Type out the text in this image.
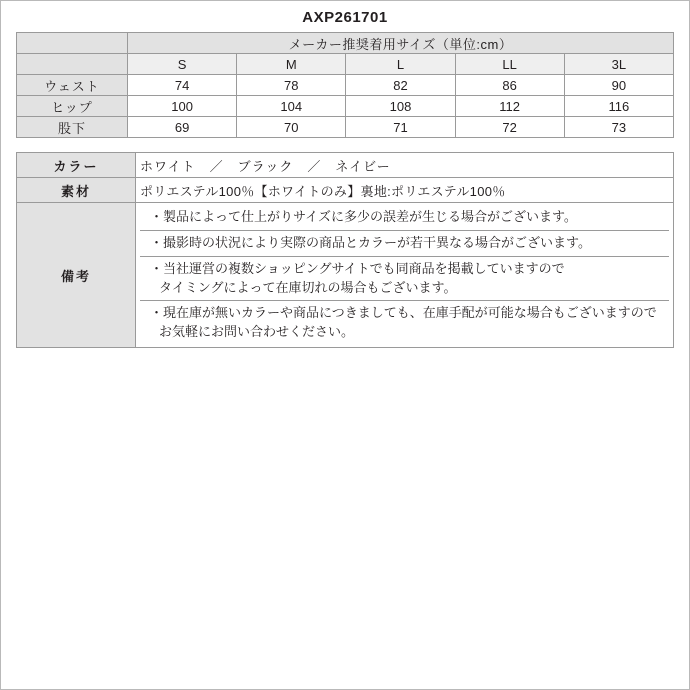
AXP261701
	メーカー推奨着用サイズ（単位:cm）				
	S	M	L	LL	3L
ウェスト	74	78	82	86	90
ヒップ	100	104	108	112	116
股下	69	70	71	72	73
カラー	ホワイト　／　ブラック　／　ネイビー
素材	ポリエステル100％【ホワイトのみ】裏地:ポリエステル100％
備考	
・製品によって仕上がりサイズに多少の誤差が生じる場合がございます。
・撮影時の状況により実際の商品とカラーが若干異なる場合がございます。
・当社運営の複数ショッピングサイトでも同商品を掲載していますので
タイミングによって在庫切れの場合もございます。
・現在庫が無いカラーや商品につきましても、在庫手配が可能な場合もございますので
お気軽にお問い合わせください。
